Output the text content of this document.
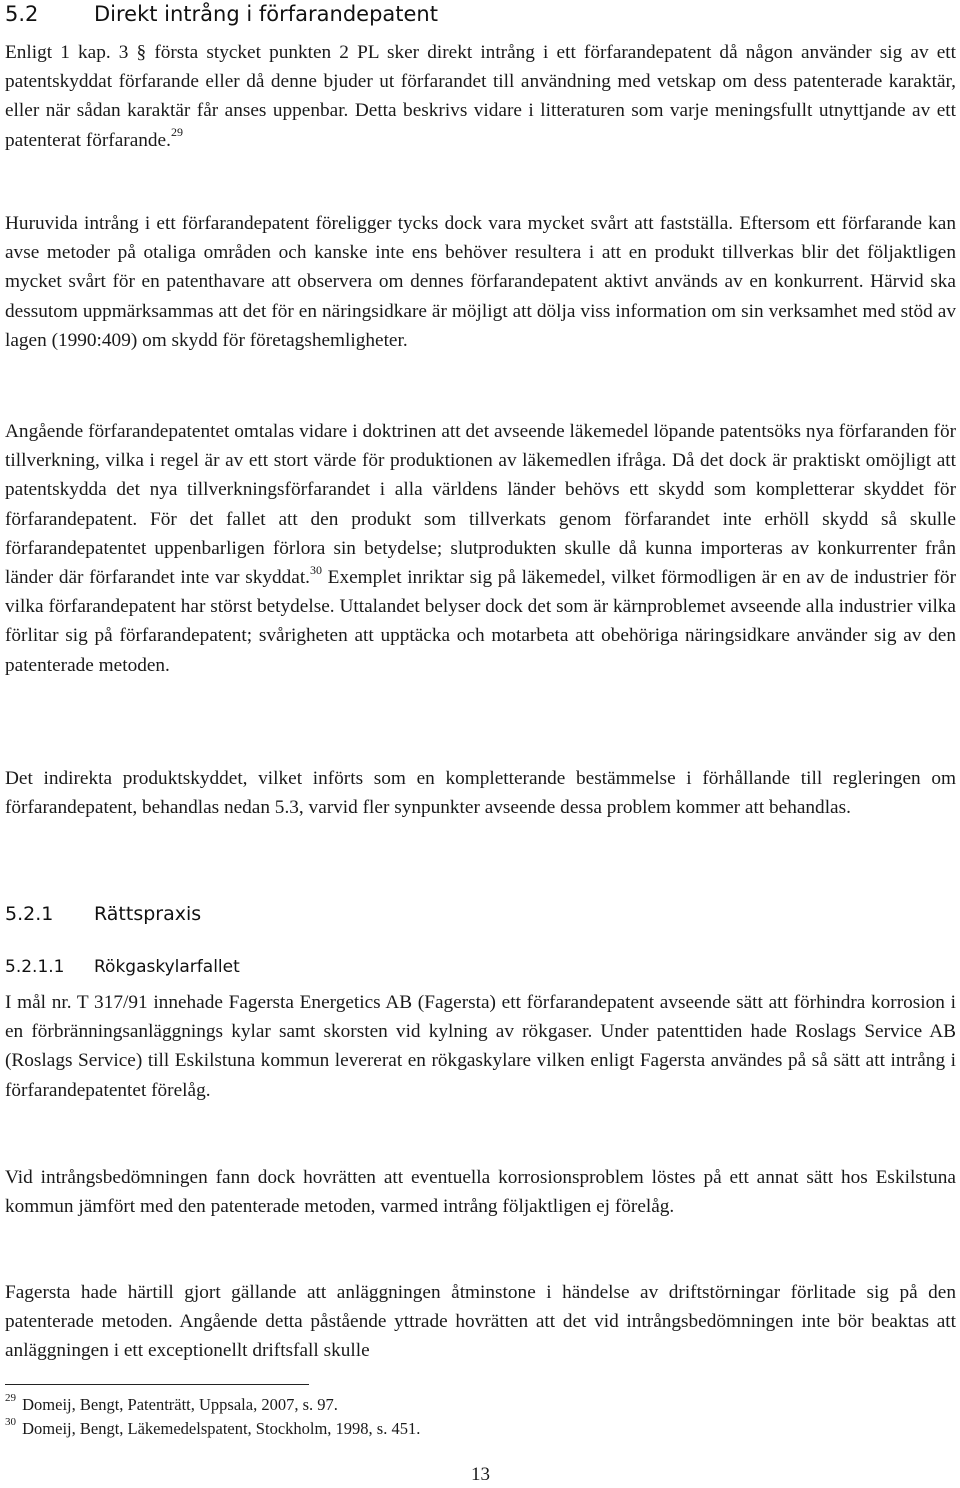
5.2	Direkt intrång i förfarandepatent

Enligt 1 kap. 3 § första stycket punkten 2 PL sker direkt intrång i ett förfarandepatent då någon använder sig av ett patentskyddat förfarande eller då denne bjuder ut förfarandet till användning med vetskap om dess patenterade karaktär, eller när sådan karaktär får anses uppenbar. Detta beskrivs vidare i litteraturen som varje meningsfullt utnyttjande av ett patenterat förfarande.$^{29}$

Huruvida intrång i ett förfarandepatent föreligger tycks dock vara mycket svårt att fastställa. Eftersom ett förfarande kan avse metoder på otaliga områden och kanske inte ens behöver resultera i att en produkt tillverkas blir det följaktligen mycket svårt för en patenthavare att observera om dennes förfarandepatent aktivt används av en konkurrent. Härvid ska dessutom uppmärksammas att det för en näringsidkare är möjligt att dölja viss information om sin verksamhet med stöd av lagen (1990:409) om skydd för företagshemligheter.

Angående förfarandepatentet omtalas vidare i doktrinen att det avseende läkemedel löpande patentsöks nya förfaranden för tillverkning, vilka i regel är av ett stort värde för produktionen av läkemedlen ifråga. Då det dock är praktiskt omöjligt att patentskydda det nya tillverkningsförfarandet i alla världens länder behövs ett skydd som kompletterar skyddet för förfarandepatent. För det fallet att den produkt som tillverkats genom förfarandet inte erhöll skydd så skulle förfarandepatentet uppenbarligen förlora sin betydelse; slutprodukten skulle då kunna importeras av konkurrenter från länder där förfarandet inte var skyddat.$^{30}$ Exemplet inriktar sig på läkemedel, vilket förmodligen är en av de industrier för vilka förfarandepatent har störst betydelse. Uttalandet belyser dock det som är kärnproblemet avseende alla industrier vilka förlitar sig på förfarandepatent; svårigheten att upptäcka och motarbeta att obehöriga näringsidkare använder sig av den patenterade metoden.

Det indirekta produktskyddet, vilket införts som en kompletterande bestämmelse i förhållande till regleringen om förfarandepatent, behandlas nedan 5.3, varvid fler synpunkter avseende dessa problem kommer att behandlas.

5.2.1 Rättspraxis
5.2.1.1 Rökgaskylarfallet

I mål nr. T 317/91 innehade Fagersta Energetics AB (Fagersta) ett förfarandepatent avseende sätt att förhindra korrosion i en förbränningsanläggnings kylar samt skorsten vid kylning av rökgaser. Under patenttiden hade Roslags Service AB (Roslags Service) till Eskilstuna kommun levererat en rökgaskylare vilken enligt Fagersta användes på så sätt att intrång i förfarandepatentet förelåg.

Vid intrångsbedömningen fann dock hovrätten att eventuella korrosionsproblem löstes på ett annat sätt hos Eskilstuna kommun jämfört med den patenterade metoden, varmed intrång följaktligen ej förelåg.

Fagersta hade härtill gjort gällande att anläggningen åtminstone i händelse av driftstörningar förlitade sig på den patenterade metoden. Angående detta påstående yttrade hovrätten att det vid intrångsbedömningen inte bör beaktas att anläggningen i ett exceptionellt driftsfall skulle

$^{29}$ Domeij, Bengt, Patenträtt, Uppsala, 2007, s. 97.
$^{30}$ Domeij, Bengt, Läkemedelspatent, Stockholm, 1998, s. 451.
13
